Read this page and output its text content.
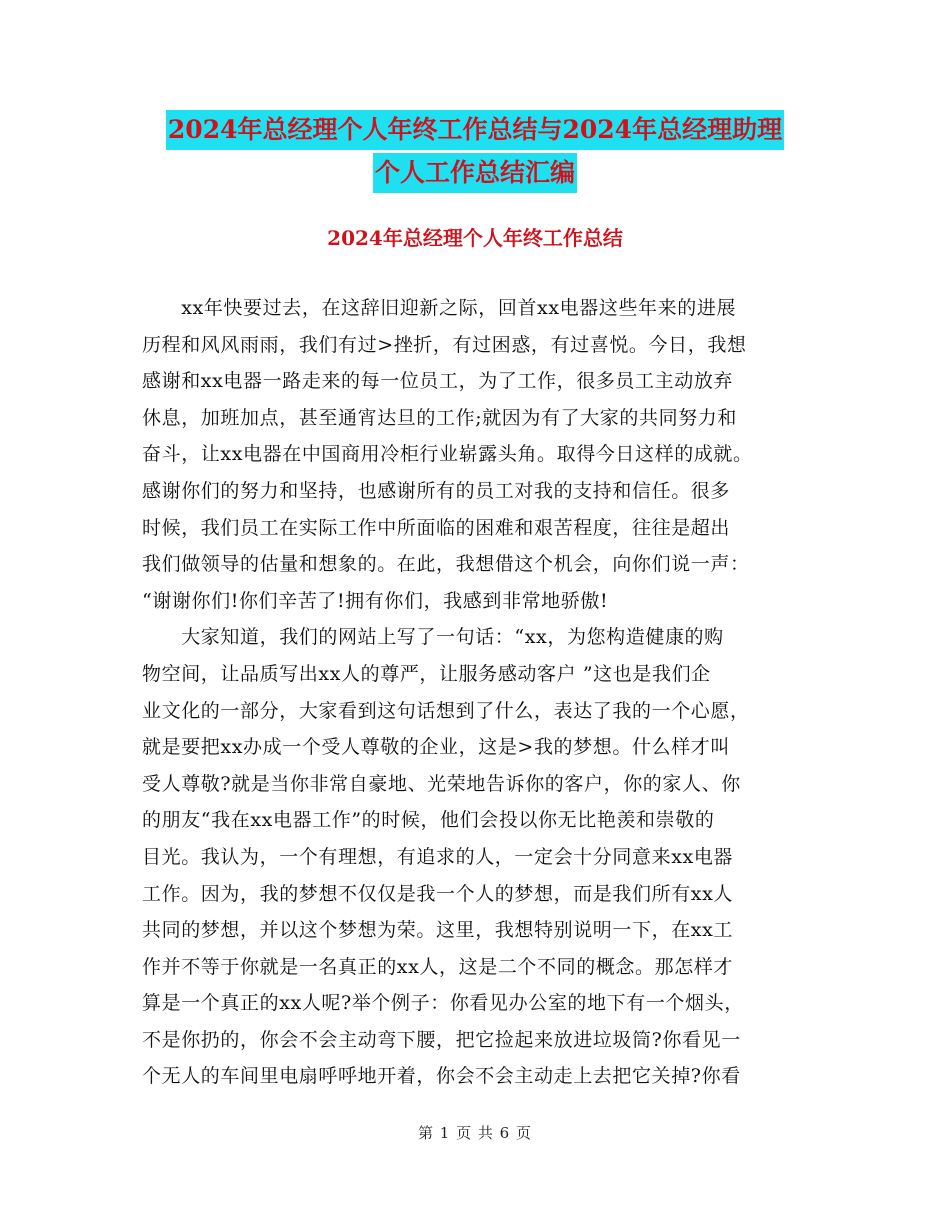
2024年总经理个人年终工作总结与2024年总经理助理
个人工作总结汇编
2024年总经理个人年终工作总结
　　xx年快要过去，在这辞旧迎新之际，回首xx电器这些年来的进展
历程和风风雨雨，我们有过>挫折，有过困惑，有过喜悦。今日，我想
感谢和xx电器一路走来的每一位员工，为了工作，很多员工主动放弃
休息，加班加点，甚至通宵达旦的工作;就因为有了大家的共同努力和
奋斗，让xx电器在中国商用冷柜行业崭露头角。取得今日这样的成就。
感谢你们的努力和坚持，也感谢所有的员工对我的支持和信任。很多
时候，我们员工在实际工作中所面临的困难和艰苦程度，往往是超出
我们做领导的估量和想象的。在此，我想借这个机会，向你们说一声：
“谢谢你们!你们辛苦了!拥有你们，我感到非常地骄傲!
　　大家知道，我们的网站上写了一句话：“xx，为您构造健康的购
物空间，让品质写出xx人的尊严，让服务感动客户 ”这也是我们企
业文化的一部分，大家看到这句话想到了什么，表达了我的一个心愿，
就是要把xx办成一个受人尊敬的企业，这是>我的梦想。什么样才叫
受人尊敬?就是当你非常自豪地、光荣地告诉你的客户，你的家人、你
的朋友“我在xx电器工作”的时候，他们会投以你无比艳羡和崇敬的
目光。我认为，一个有理想，有追求的人，一定会十分同意来xx电器
工作。因为，我的梦想不仅仅是我一个人的梦想，而是我们所有xx人
共同的梦想，并以这个梦想为荣。这里，我想特别说明一下，在xx工
作并不等于你就是一名真正的xx人，这是二个不同的概念。那怎样才
算是一个真正的xx人呢?举个例子：你看见办公室的地下有一个烟头，
不是你扔的，你会不会主动弯下腰，把它捡起来放进垃圾筒?你看见一
个无人的车间里电扇呼呼地开着，你会不会主动走上去把它关掉?你看
第 1 页 共 6 页
